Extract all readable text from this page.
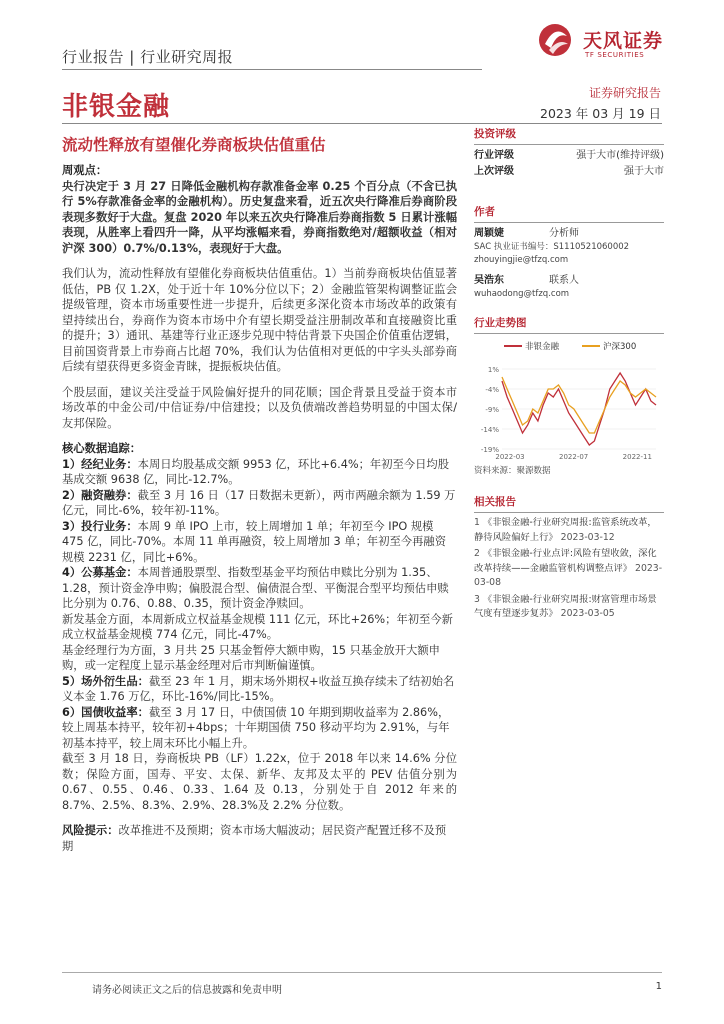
行业报告 | 行业研究周报
天风证券
TF SECURITIES
非银金融	证券研究报告
2023 年 03 月 19 日
流动性释放有望催化券商板块估值重估
周观点：

央行决定于 3 月 27 日降低金融机构存款准备金率 0.25 个百分点（不含已执行 5%存款准备金率的金融机构）。历史复盘来看，近五次央行降准后券商阶段表现多数好于大盘。复盘 2020 年以来五次央行降准后券商指数 5 日累计涨幅表现，从胜率上看四升一降，从平均涨幅来看，券商指数绝对/超额收益（相对沪深 300）0.7%/0.13%，表现好于大盘。

我们认为，流动性释放有望催化券商板块估值重估。1）当前券商板块估值显著低估，PB 仅 1.2X，处于近十年 10%分位以下；2）金融监管架构调整证监会提级管理，资本市场重要性进一步提升，后续更多深化资本市场改革的政策有望持续出台，券商作为资本市场中介有望长期受益注册制改革和直接融资比重的提升；3）通讯、基建等行业正逐步兑现中特估背景下央国企价值重估逻辑，目前国资背景上市券商占比超 70%，我们认为估值相对更低的中字头头部券商后续有望获得更多资金青睐，提振板块估值。

个股层面，建议关注受益于风险偏好提升的同花顺；国企背景且受益于资本市场改革的中金公司/中信证券/中信建投；以及负债端改善趋势明显的中国太保/友邦保险。

核心数据追踪：
1）经纪业务：本周日均股基成交额 9953 亿，环比+6.4%；年初至今日均股基成交额 9638 亿，同比-12.7%。
2）融资融券：截至 3 月 16 日（17 日数据未更新），两市两融余额为 1.59 万亿元，同比-6%，较年初-11%。
3）投行业务：本周 9 单 IPO 上市，较上周增加 1 单；年初至今 IPO 规模 475 亿，同比-70%。本周 11 单再融资，较上周增加 3 单；年初至今再融资规模 2231 亿，同比+6%。
4）公募基金：本周普通股票型、指数型基金平均预估申赎比分别为 1.35、1.28，预计资金净申购；偏股混合型、偏债混合型、平衡混合型平均预估申赎比分别为 0.76、0.88、0.35，预计资金净赎回。
新发基金方面，本周新成立权益基金规模 111 亿元，环比+26%；年初至今新成立权益基金规模 774 亿元，同比-47%。
基金经理行为方面，3 月共 25 只基金暂停大额申购，15 只基金放开大额申购，或一定程度上显示基金经理对后市判断偏谨慎。
5）场外衍生品：截至 23 年 1 月，期末场外期权+收益互换存续未了结初始名义本金 1.76 万亿，环比-16%/同比-15%。
6）国债收益率：截至 3 月 17 日，中债国债 10 年期到期收益率为 2.86%，较上周基本持平，较年初+4bps；十年期国债 750 移动平均为 2.91%，与年初基本持平，较上周末环比小幅上升。

截至 3 月 18 日，券商板块 PB（LF）1.22x，位于 2018 年以来 14.6% 分位数；保险方面，国寿、平安、太保、新华、友邦及太平的 PEV 估值分别为 0.67、0.55、0.46、0.33、1.64 及 0.13，分别处于自 2012 年来的 8.7%、2.5%、8.3%、2.9%、28.3%及 2.2% 分位数。

风险提示：改革推进不及预期；资本市场大幅波动；居民资产配置迁移不及预期
投资评级
行业评级	强于大市(维持评级)
上次评级	强于大市
作者
周颖婕	分析师
SAC 执业证书编号：S1110521060002
zhouyingjie@tfzq.com
吴浩东	联系人
wuhaodong@tfzq.com
行业走势图
非银金融	沪深300
1%
-4%
-9%
-14%
-19%
2022-03	2022-07	2022-11
资料来源：聚源数据
相关报告
1 《非银金融-行业研究周报:监管系统改革，静待风险偏好上行》 2023-03-12
2 《非银金融-行业点评:风险有望收敛，深化改革持续——金融监管机构调整点评》 2023-03-08
3 《非银金融-行业研究周报:财富管理市场景气度有望逐步复苏》 2023-03-05
请务必阅读正文之后的信息披露和免责申明	1
